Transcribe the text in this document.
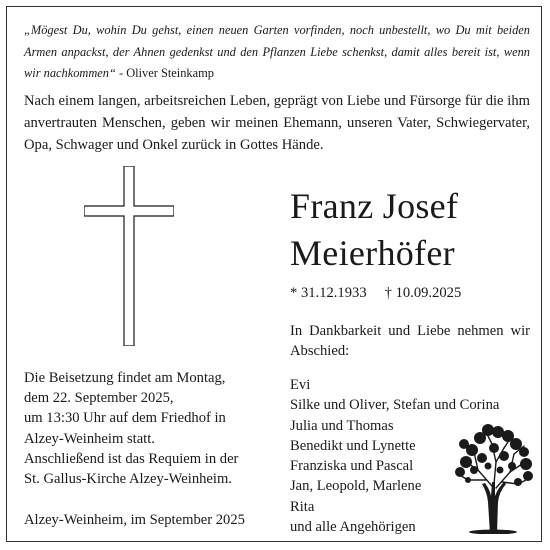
„Mögest Du, wohin Du gehst, einen neuen Garten vorfinden, noch unbestellt, wo Du mit beiden Armen anpackst, der Ahnen gedenkst und den Pflanzen Liebe schenkst, damit alles bereit ist, wenn wir nachkommen“ - Oliver Steinkamp
Nach einem langen, arbeitsreichen Leben, geprägt von Liebe und Fürsorge für die ihm anvertrauten Menschen, geben wir meinen Ehemann, unseren Vater, Schwiegervater, Opa, Schwager und Onkel zurück in Gottes Hände.
Franz Josef
Meierhöfer
* 31.12.1933 † 10.09.2025
In Dankbarkeit und Liebe nehmen wir Abschied:
Evi
Silke und Oliver, Stefan und Corina
Julia und Thomas
Benedikt und Lynette
Franziska und Pascal
Jan, Leopold, Marlene
Rita
und alle Angehörigen
Die Beisetzung findet am Montag,
dem 22. September 2025,
um 13:30 Uhr auf dem Friedhof in
Alzey-Weinheim statt.
Anschließend ist das Requiem in der
St. Gallus-Kirche Alzey-Weinheim.
Alzey-Weinheim, im September 2025
